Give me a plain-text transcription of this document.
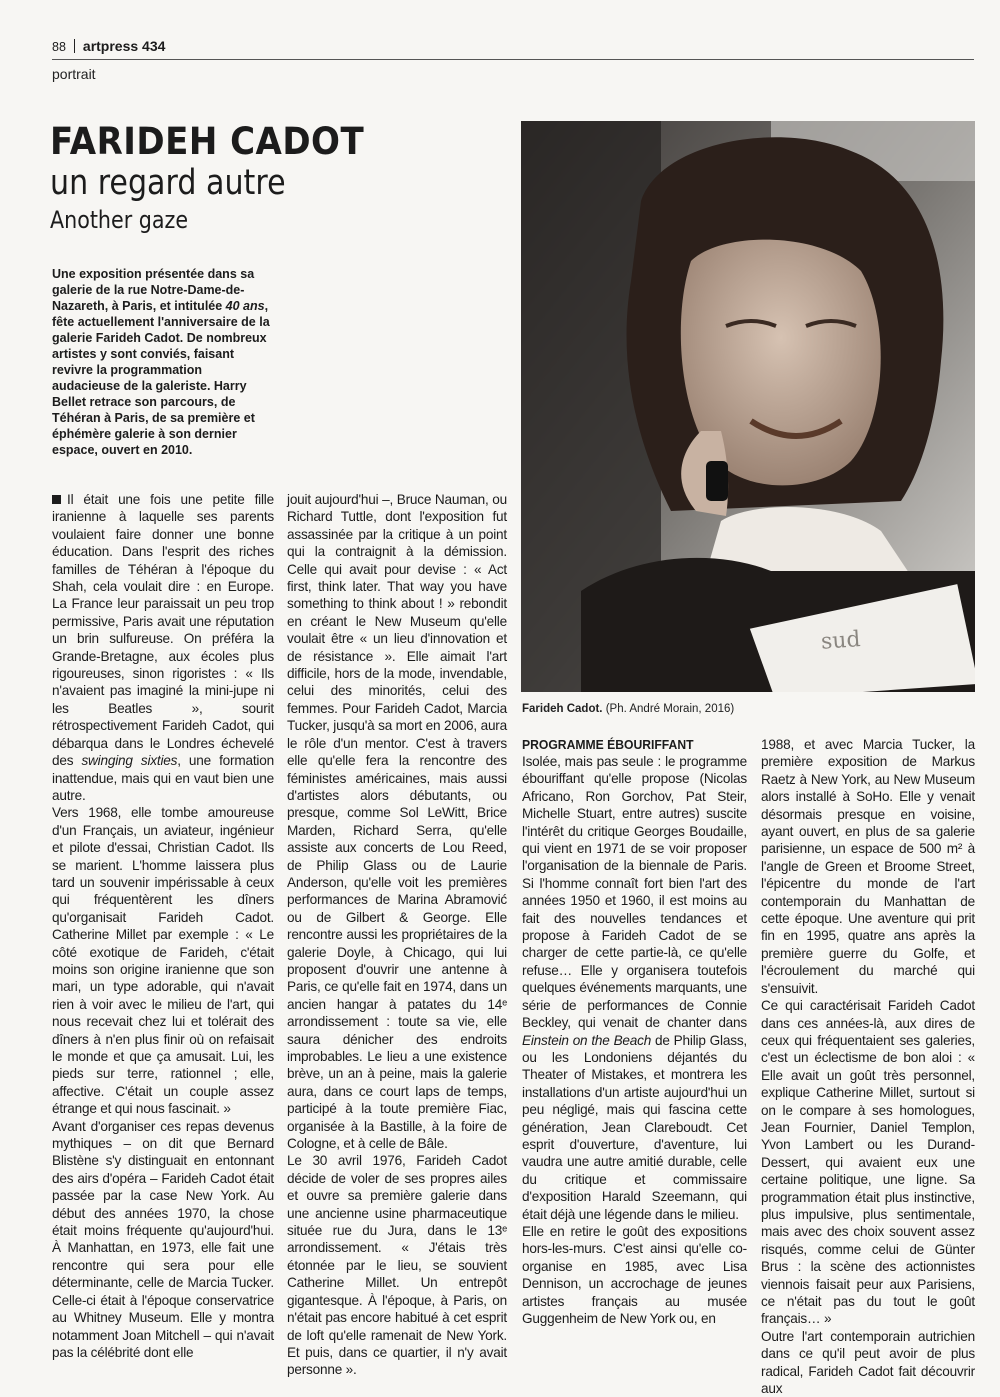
88 artpress 434
portrait
FARIDEH CADOT
un regard autre
Another gaze
Une exposition présentée dans sa galerie de la rue Notre-Dame-de-Nazareth, à Paris, et intitulée 40 ans, fête actuellement l'anniversaire de la galerie Farideh Cadot. De nombreux artistes y sont conviés, faisant revivre la programmation audacieuse de la galeriste. Harry Bellet retrace son parcours, de Téhéran à Paris, de sa première et éphémère galerie à son dernier espace, ouvert en 2010.
sud
Farideh Cadot. (Ph. André Morain, 2016)

Il était une fois une petite fille iranienne à laquelle ses parents voulaient faire donner une bonne éducation. Dans l'esprit des riches familles de Téhéran à l'époque du Shah, cela voulait dire : en Europe. La France leur paraissait un peu trop permissive, Paris avait une réputation un brin sulfureuse. On préféra la Grande-Bretagne, aux écoles plus rigoureuses, sinon rigoristes : « Ils n'avaient pas imaginé la mini-jupe ni les Beatles », sourit rétrospectivement Farideh Cadot, qui débarqua dans le Londres échevelé des swinging sixties, une formation inattendue, mais qui en vaut bien une autre.

Vers 1968, elle tombe amoureuse d'un Français, un aviateur, ingénieur et pilote d'essai, Christian Cadot. Ils se marient. L'homme laissera plus tard un souvenir impérissable à ceux qui fréquentèrent les dîners qu'organisait Farideh Cadot. Catherine Millet par exemple : « Le côté exotique de Farideh, c'était moins son origine iranienne que son mari, un type adorable, qui n'avait rien à voir avec le milieu de l'art, qui nous recevait chez lui et tolérait des dîners à n'en plus finir où on refaisait le monde et que ça amusait. Lui, les pieds sur terre, rationnel ; elle, affective. C'était un couple assez étrange et qui nous fascinait. »

Avant d'organiser ces repas devenus mythiques – on dit que Bernard Blistène s'y distinguait en entonnant des airs d'opéra – Farideh Cadot était passée par la case New York. Au début des années 1970, la chose était moins fréquente qu'aujourd'hui. À Manhattan, en 1973, elle fait une rencontre qui sera pour elle déterminante, celle de Marcia Tucker. Celle-ci était à l'époque conservatrice au Whitney Museum. Elle y montra notamment Joan Mitchell – qui n'avait pas la célébrité dont elle

jouit aujourd'hui –, Bruce Nauman, ou Richard Tuttle, dont l'exposition fut assassinée par la critique à un point qui la contraignit à la démission. Celle qui avait pour devise : « Act first, think later. That way you have something to think about ! » rebondit en créant le New Museum qu'elle voulait être « un lieu d'innovation et de résistance ». Elle aimait l'art difficile, hors de la mode, invendable, celui des minorités, celui des femmes. Pour Farideh Cadot, Marcia Tucker, jusqu'à sa mort en 2006, aura le rôle d'un mentor. C'est à travers elle qu'elle fera la rencontre des féministes américaines, mais aussi d'artistes alors débutants, ou presque, comme Sol LeWitt, Brice Marden, Richard Serra, qu'elle assiste aux concerts de Lou Reed, de Philip Glass ou de Laurie Anderson, qu'elle voit les premières performances de Marina Abramović ou de Gilbert & George. Elle rencontre aussi les propriétaires de la galerie Doyle, à Chicago, qui lui proposent d'ouvrir une antenne à Paris, ce qu'elle fait en 1974, dans un ancien hangar à patates du 14ᵉ arrondissement : toute sa vie, elle saura dénicher des endroits improbables. Le lieu a une existence brève, un an à peine, mais la galerie aura, dans ce court laps de temps, participé à la toute première Fiac, organisée à la Bastille, à la foire de Cologne, et à celle de Bâle.

Le 30 avril 1976, Farideh Cadot décide de voler de ses propres ailes et ouvre sa première galerie dans une ancienne usine pharmaceutique située rue du Jura, dans le 13ᵉ arrondissement. « J'étais très étonnée par le lieu, se souvient Catherine Millet. Un entrepôt gigantesque. À l'époque, à Paris, on n'était pas encore habitué à cet esprit de loft qu'elle ramenait de New York. Et puis, dans ce quartier, il n'y avait personne ».

PROGRAMME ÉBOURIFFANT

Isolée, mais pas seule : le programme ébouriffant qu'elle propose (Nicolas Africano, Ron Gorchov, Pat Steir, Michelle Stuart, entre autres) suscite l'intérêt du critique Georges Boudaille, qui vient en 1971 de se voir proposer l'organisation de la biennale de Paris. Si l'homme connaît fort bien l'art des années 1950 et 1960, il est moins au fait des nouvelles tendances et propose à Farideh Cadot de se charger de cette partie-là, ce qu'elle refuse… Elle y organisera toutefois quelques événements marquants, une série de performances de Connie Beckley, qui venait de chanter dans Einstein on the Beach de Philip Glass, ou les Londoniens déjantés du Theater of Mistakes, et montrera les installations d'un artiste aujourd'hui un peu négligé, mais qui fascina cette génération, Jean Clareboudt. Cet esprit d'ouverture, d'aventure, lui vaudra une autre amitié durable, celle du critique et commissaire d'exposition Harald Szeemann, qui était déjà une légende dans le milieu.

Elle en retire le goût des expositions hors-les-murs. C'est ainsi qu'elle co-organise en 1985, avec Lisa Dennison, un accrochage de jeunes artistes français au musée Guggenheim de New York ou, en

1988, et avec Marcia Tucker, la première exposition de Markus Raetz à New York, au New Museum alors installé à SoHo. Elle y venait désormais presque en voisine, ayant ouvert, en plus de sa galerie parisienne, un espace de 500 m² à l'angle de Green et Broome Street, l'épicentre du monde de l'art contemporain du Manhattan de cette époque. Une aventure qui prit fin en 1995, quatre ans après la première guerre du Golfe, et l'écroulement du marché qui s'ensuivit.

Ce qui caractérisait Farideh Cadot dans ces années-là, aux dires de ceux qui fréquentaient ses galeries, c'est un éclectisme de bon aloi : « Elle avait un goût très personnel, explique Catherine Millet, surtout si on le compare à ses homologues, Jean Fournier, Daniel Templon, Yvon Lambert ou les Durand-Dessert, qui avaient eux une certaine politique, une ligne. Sa programmation était plus instinctive, plus impulsive, plus sentimentale, mais avec des choix souvent assez risqués, comme celui de Günter Brus : la scène des actionnistes viennois faisait peur aux Parisiens, ce n'était pas du tout le goût français… »

Outre l'art contemporain autrichien dans ce qu'il peut avoir de plus radical, Farideh Cadot fait découvrir aux
